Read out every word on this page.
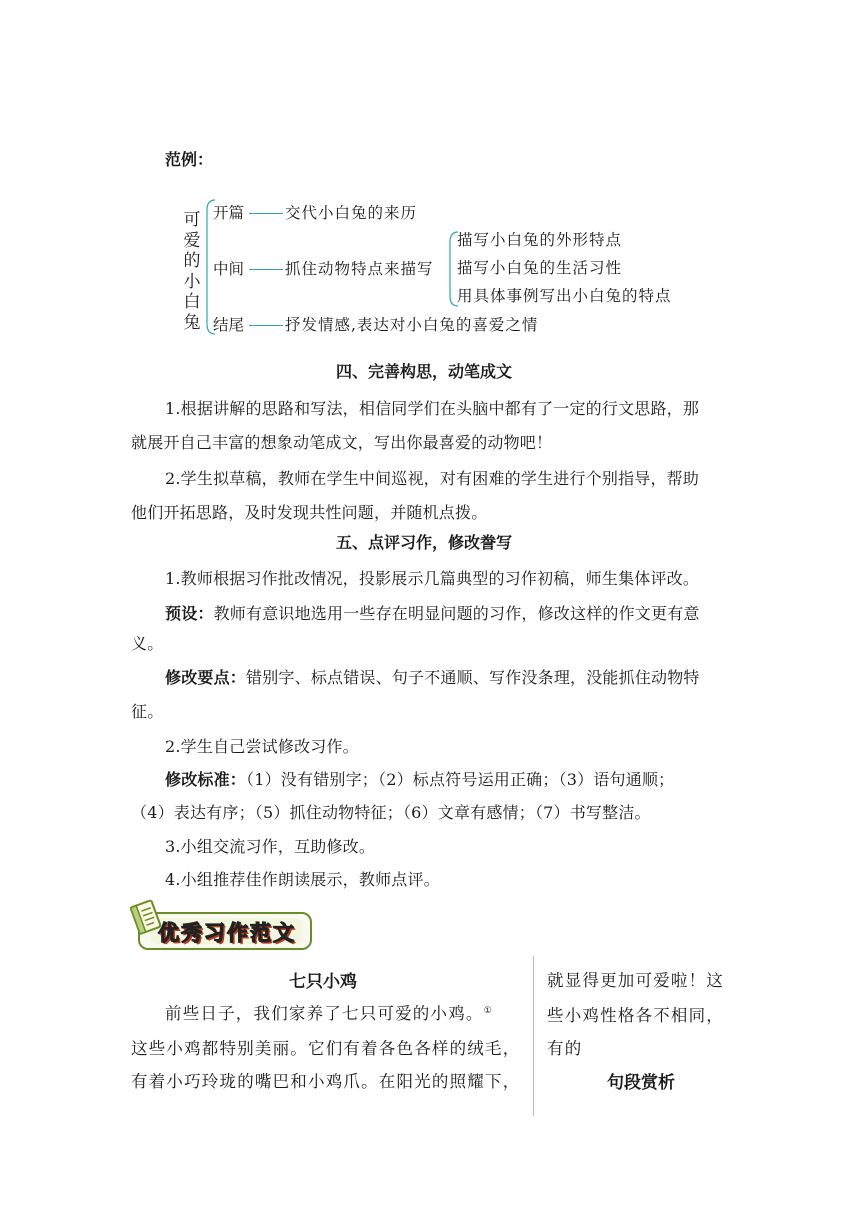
范例：
可爱的小白兔
开篇	交代小白兔的来历
中间	抓住动物特点来描写
描写小白兔的外形特点
描写小白兔的生活习性
用具体事例写出小白兔的特点
结尾	抒发情感,表达对小白兔的喜爱之情
四、完善构思，动笔成文
1.根据讲解的思路和写法，相信同学们在头脑中都有了一定的行文思路，那
就展开自己丰富的想象动笔成文，写出你最喜爱的动物吧！
2.学生拟草稿，教师在学生中间巡视，对有困难的学生进行个别指导，帮助
他们开拓思路，及时发现共性问题，并随机点拨。
五、点评习作，修改誊写
1.教师根据习作批改情况，投影展示几篇典型的习作初稿，师生集体评改。
预设：教师有意识地选用一些存在明显问题的习作，修改这样的作文更有意
义。
修改要点：错别字、标点错误、句子不通顺、写作没条理，没能抓住动物特
征。
2.学生自己尝试修改习作。
修改标准：（1）没有错别字；（2）标点符号运用正确；（3）语句通顺；
（4）表达有序；（5）抓住动物特征；（6）文章有感情；（7）书写整洁。
3.小组交流习作，互助修改。
4.小组推荐佳作朗读展示，教师点评。
优秀习作范文
七只小鸡
前些日子，我们家养了七只可爱的小鸡。①
这些小鸡都特别美丽。它们有着各色各样的绒毛，
有着小巧玲珑的嘴巴和小鸡爪。在阳光的照耀下，
就显得更加可爱啦！这
些小鸡性格各不相同，
有的
句段赏析
